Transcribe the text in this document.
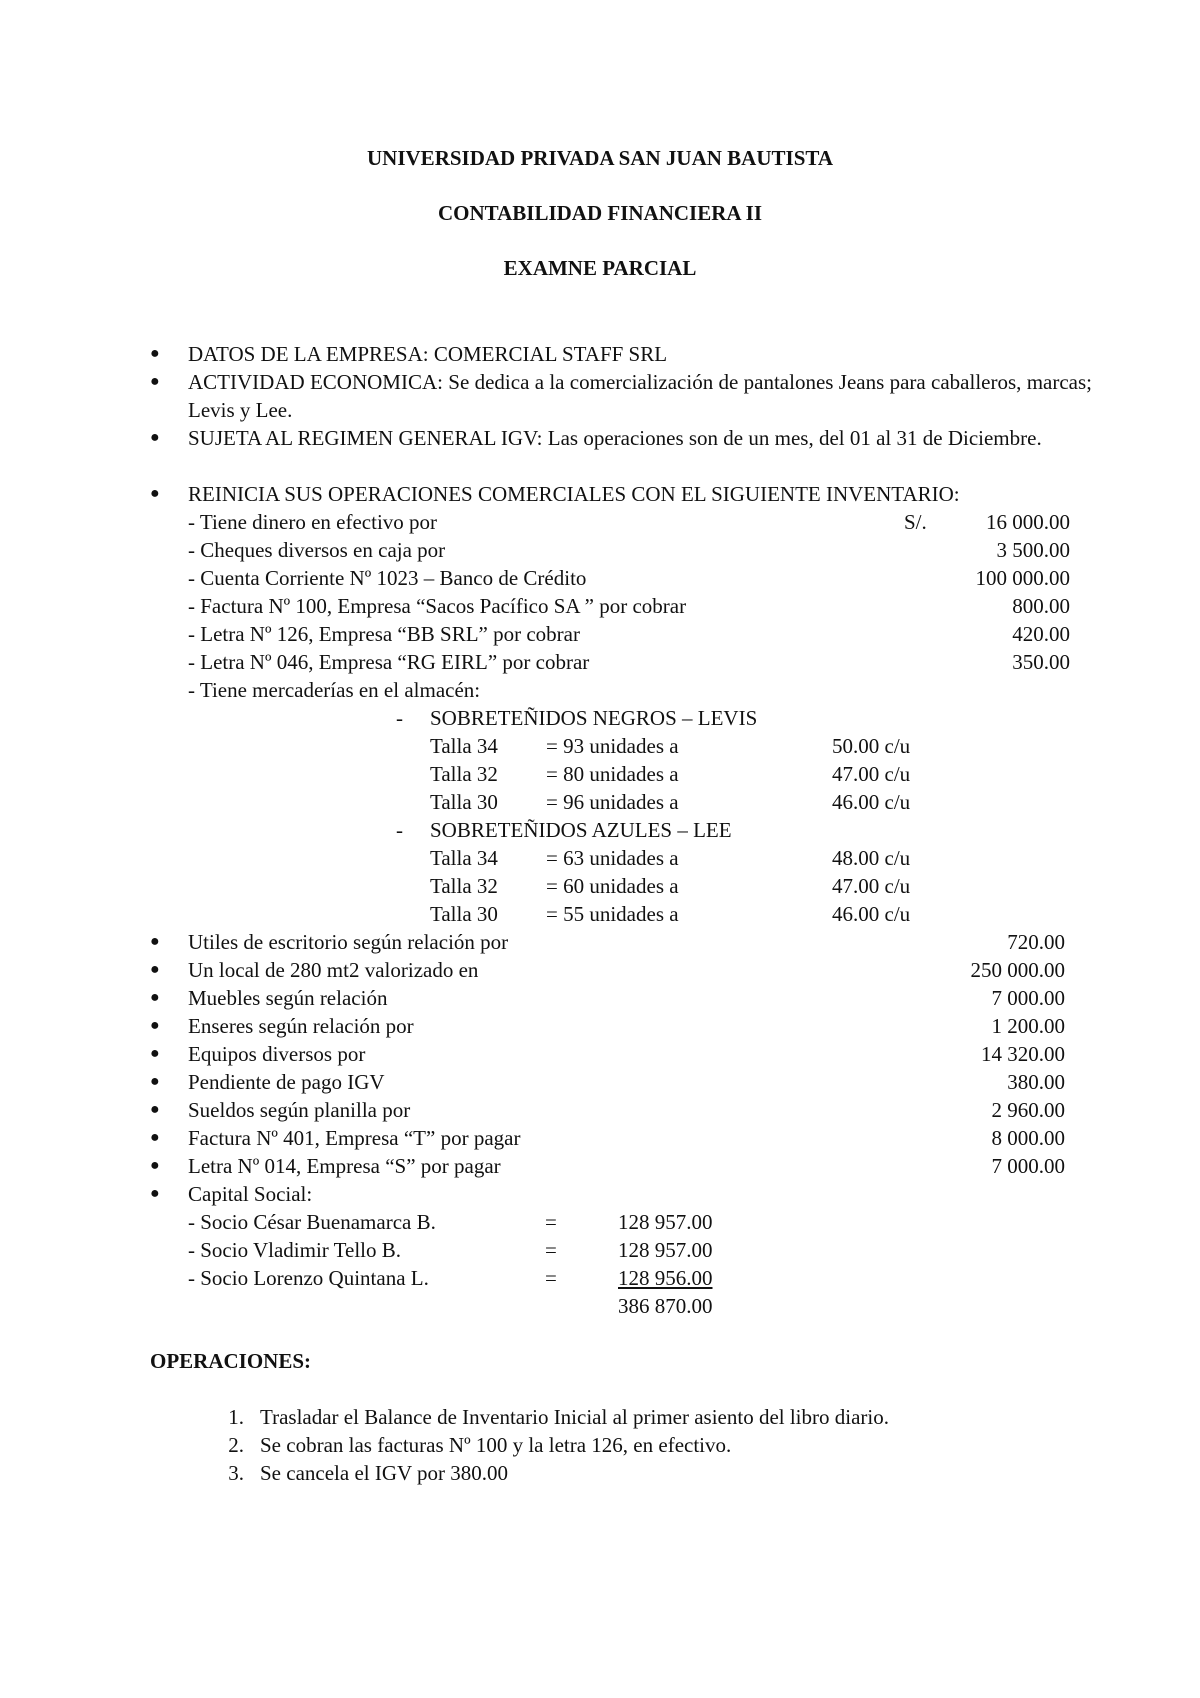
UNIVERSIDAD PRIVADA SAN JUAN BAUTISTA
CONTABILIDAD FINANCIERA II
EXAMNE PARCIAL
● DATOS DE LA EMPRESA: COMERCIAL STAFF SRL
● ACTIVIDAD ECONOMICA: Se dedica a la comercialización de pantalones Jeans para caballeros, marcas; Levis y Lee.
● SUJETA AL REGIMEN GENERAL IGV: Las operaciones son de un mes, del 01 al 31 de Diciembre.
● REINICIA SUS OPERACIONES COMERCIALES CON EL SIGUIENTE INVENTARIO:
- Tiene dinero en efectivo por	S/.	16 000.00
- Cheques diversos en caja por	3 500.00
- Cuenta Corriente Nº 1023 – Banco de Crédito	100 000.00
- Factura Nº 100, Empresa “Sacos Pacífico SA ” por cobrar	800.00
- Letra Nº 126, Empresa “BB SRL” por cobrar	420.00
- Letra Nº 046, Empresa “RG EIRL” por cobrar	350.00
- Tiene mercaderías en el almacén:
- SOBRETEÑIDOS NEGROS – LEVIS
Talla 34 = 93 unidades a	50.00 c/u
Talla 32 = 80 unidades a	47.00 c/u
Talla 30 = 96 unidades a	46.00 c/u
- SOBRETEÑIDOS AZULES – LEE
Talla 34 = 63 unidades a	48.00 c/u
Talla 32 = 60 unidades a	47.00 c/u
Talla 30 = 55 unidades a	46.00 c/u
● Utiles de escritorio según relación por	720.00
● Un local de 280 mt2 valorizado en	250 000.00
● Muebles según relación	7 000.00
● Enseres según relación por	1 200.00
● Equipos diversos por	14 320.00
● Pendiente de pago IGV	380.00
● Sueldos según planilla por	2 960.00
● Factura Nº 401, Empresa “T” por pagar	8 000.00
● Letra Nº 014, Empresa “S” por pagar	7 000.00
● Capital Social:
- Socio César Buenamarca B.	=	128 957.00
- Socio Vladimir Tello B.	=	128 957.00
- Socio Lorenzo Quintana L.	=	128 956.00
386 870.00
OPERACIONES:
1. Trasladar el Balance de Inventario Inicial al primer asiento del libro diario.
2. Se cobran las facturas Nº 100 y la letra 126, en efectivo.
3. Se cancela el IGV por 380.00
